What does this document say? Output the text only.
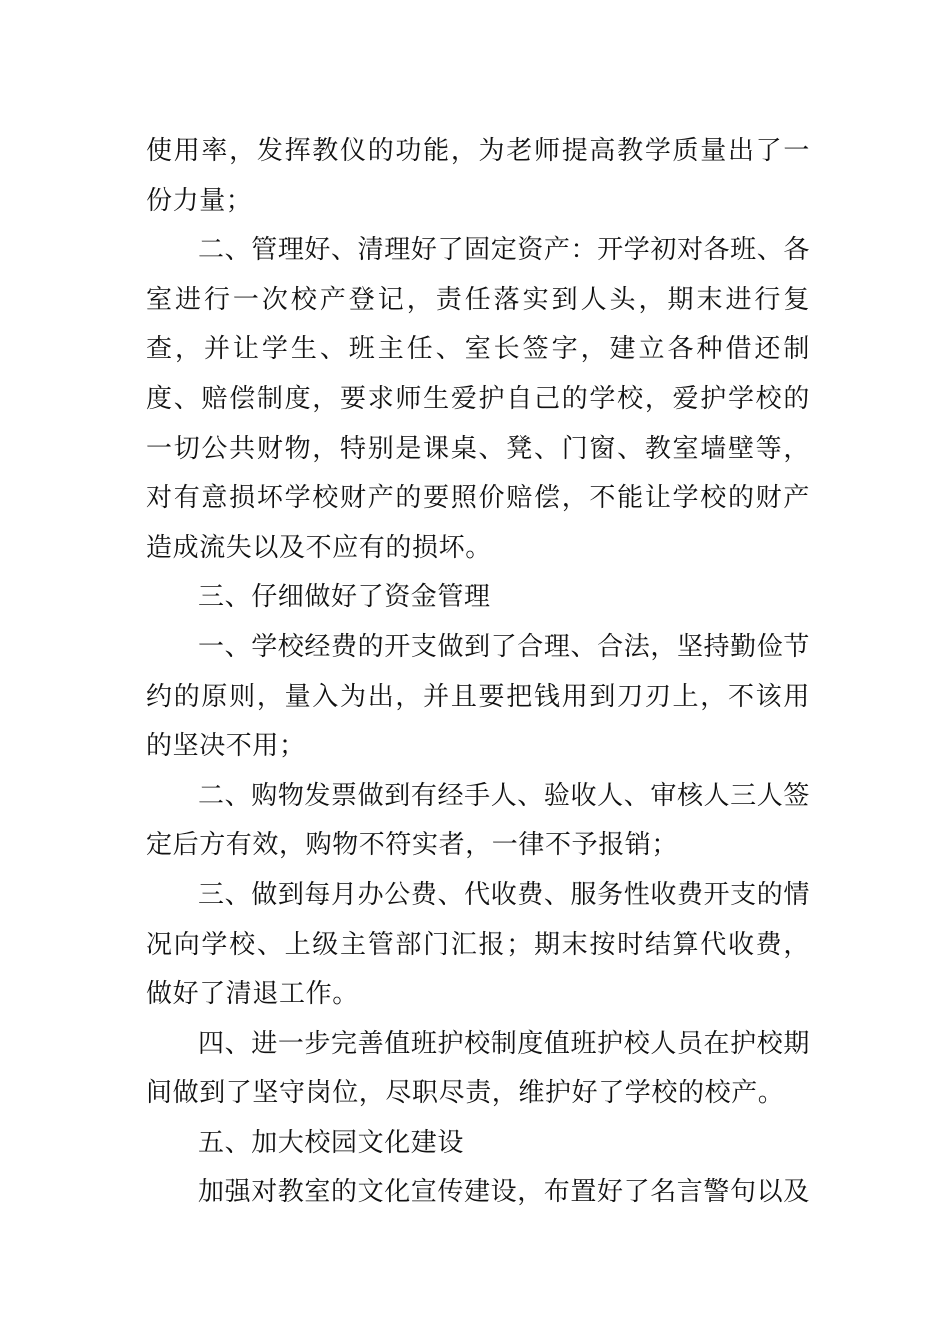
使用率，发挥教仪的功能，为老师提高教学质量出了一份力量；

二、管理好、清理好了固定资产：开学初对各班、各室进行一次校产登记，责任落实到人头，期末进行复查，并让学生、班主任、室长签字，建立各种借还制度、赔偿制度，要求师生爱护自己的学校，爱护学校的一切公共财物，特别是课桌、凳、门窗、教室墙壁等，对有意损坏学校财产的要照价赔偿，不能让学校的财产造成流失以及不应有的损坏。

三、仔细做好了资金管理

一、学校经费的开支做到了合理、合法，坚持勤俭节约的原则，量入为出，并且要把钱用到刀刃上，不该用的坚决不用；

二、购物发票做到有经手人、验收人、审核人三人签定后方有效，购物不符实者，一律不予报销；

三、做到每月办公费、代收费、服务性收费开支的情况向学校、上级主管部门汇报；期末按时结算代收费，做好了清退工作。

四、进一步完善值班护校制度值班护校人员在护校期间做到了坚守岗位，尽职尽责，维护好了学校的校产。

五、加大校园文化建设

加强对教室的文化宣传建设，布置好了名言警句以及
